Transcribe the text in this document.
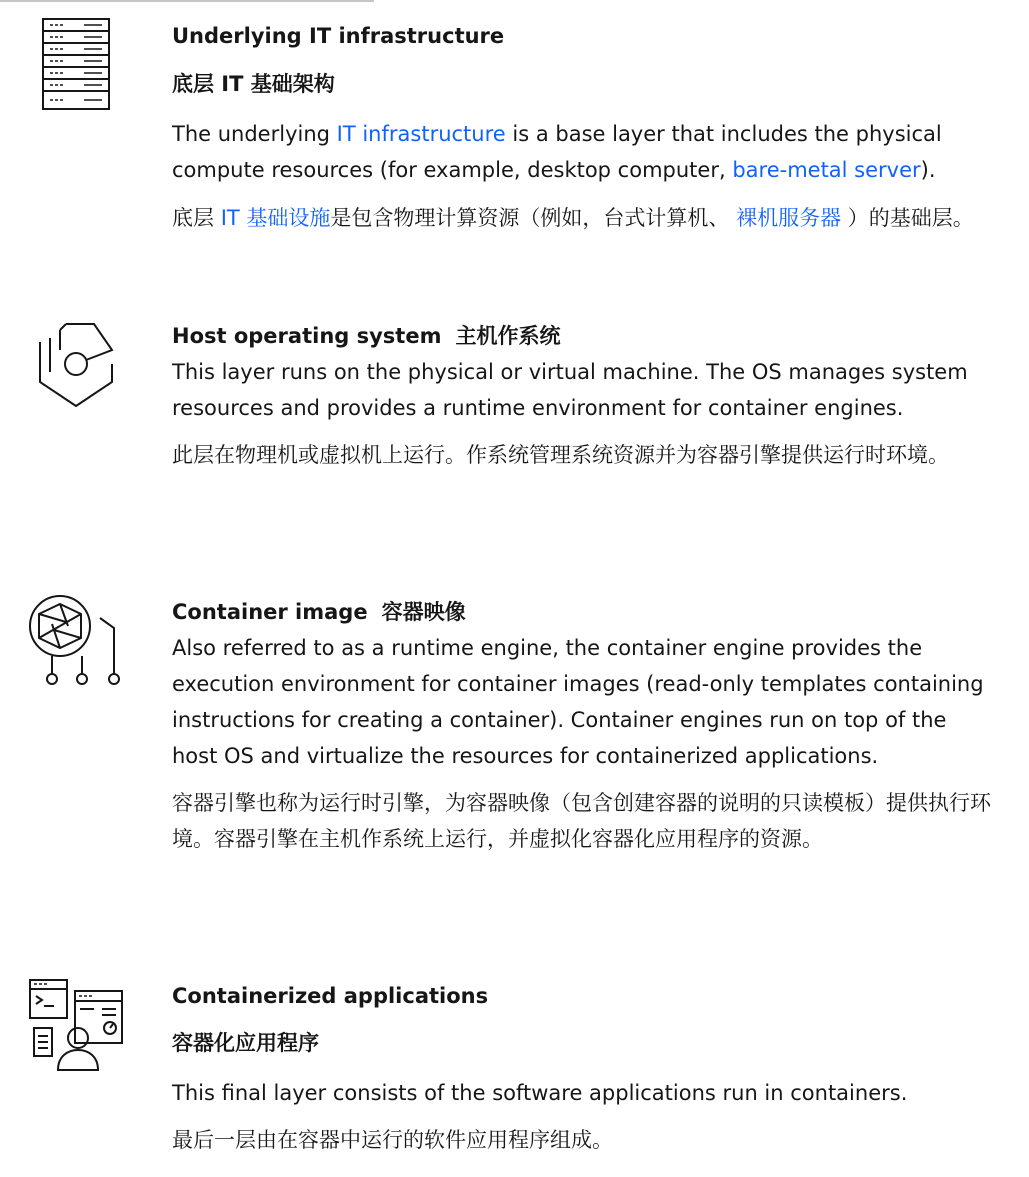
Underlying IT infrastructure
底层 IT 基础架构

The underlying IT infrastructure is a base layer that includes the physical compute resources (for example, desktop computer, bare-metal server).

底层 IT 基础设施是包含物理计算资源（例如，台式计算机、 裸机服务器 ）的基础层。

Host operating system 主机作系统

This layer runs on the physical or virtual machine. The OS manages system resources and provides a runtime environment for container engines.

此层在物理机或虚拟机上运行。作系统管理系统资源并为容器引擎提供运行时环境。

Container image 容器映像

Also referred to as a runtime engine, the container engine provides the execution environment for container images (read-only templates containing instructions for creating a container). Container engines run on top of the host OS and virtualize the resources for containerized applications.

容器引擎也称为运行时引擎，为容器映像（包含创建容器的说明的只读模板）提供执行环境。容器引擎在主机作系统上运行，并虚拟化容器化应用程序的资源。

Containerized applications
容器化应用程序

This final layer consists of the software applications run in containers.

最后一层由在容器中运行的软件应用程序组成。
